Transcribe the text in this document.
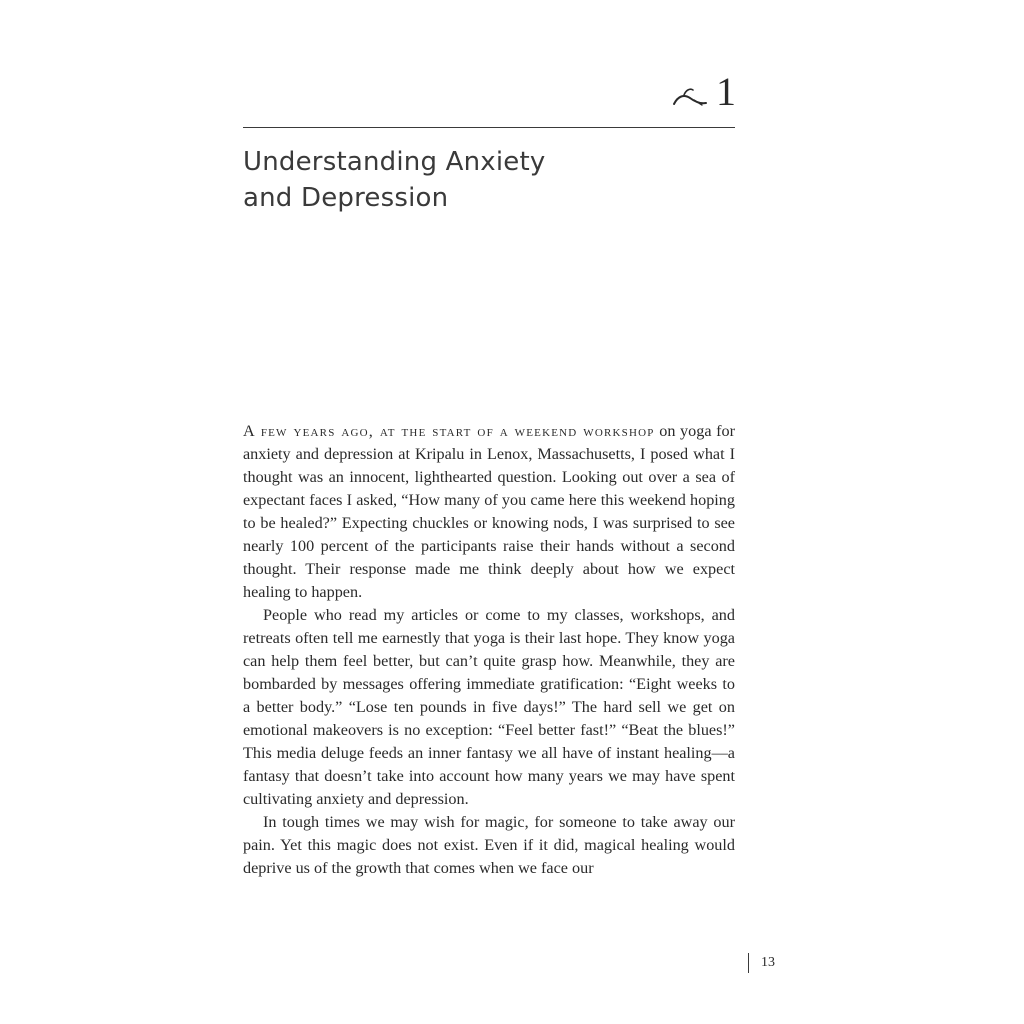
1
Understanding Anxiety
and Depression

A few years ago, at the start of a weekend workshop on yoga for anxiety and depression at Kripalu in Lenox, Massachusetts, I posed what I thought was an innocent, lighthearted question. Looking out over a sea of expectant faces I asked, “How many of you came here this weekend hoping to be healed?” Expecting chuckles or knowing nods, I was surprised to see nearly 100 percent of the participants raise their hands without a second thought. Their response made me think deeply about how we expect healing to happen.

People who read my articles or come to my classes, workshops, and retreats often tell me earnestly that yoga is their last hope. They know yoga can help them feel better, but can’t quite grasp how. Meanwhile, they are bombarded by messages offering immediate gratification: “Eight weeks to a better body.” “Lose ten pounds in five days!” The hard sell we get on emotional makeovers is no exception: “Feel better fast!” “Beat the blues!” This media deluge feeds an inner fantasy we all have of instant healing—a fantasy that doesn’t take into account how many years we may have spent cultivating anxiety and depression.

In tough times we may wish for magic, for someone to take away our pain. Yet this magic does not exist. Even if it did, magical healing would deprive us of the growth that comes when we face our

13
